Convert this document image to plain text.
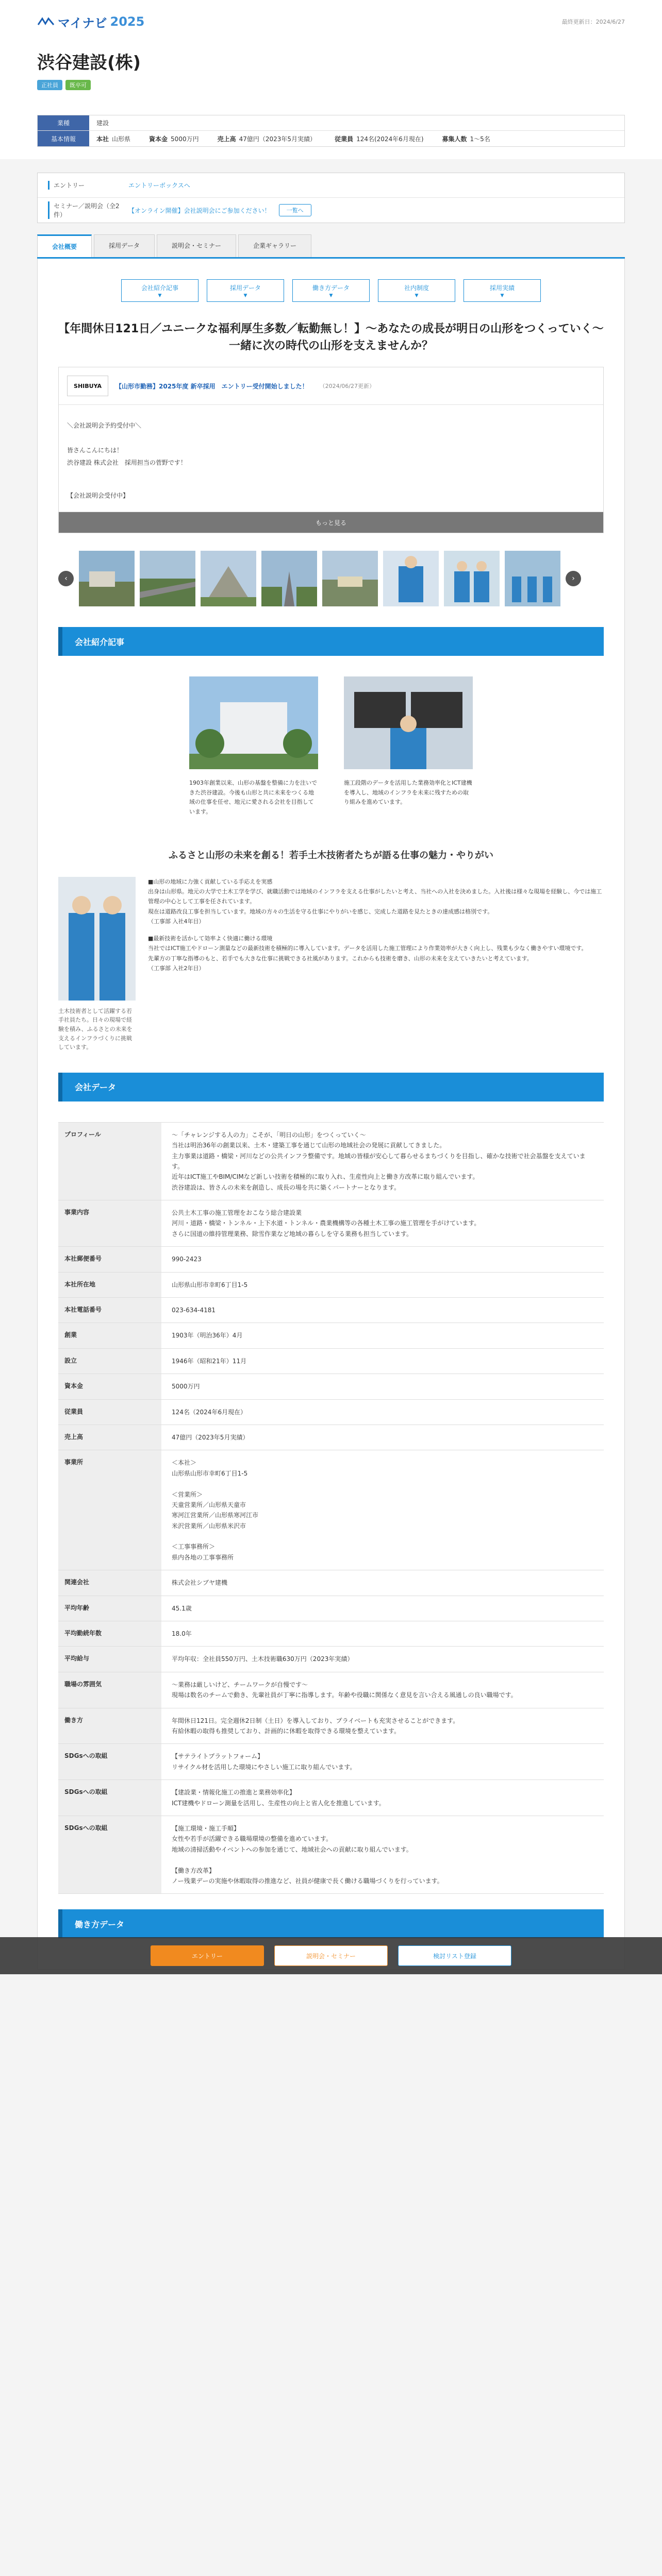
マイナビ 2025	最終更新日：2024/6/27
渋谷建設(株)
正社員	既卒可
業種	建設
基本情報	本社 山形県	資本金 5000万円	売上高 47億円（2023年5月実績）	従業員 124名(2024年6月現在)	募集人数 1〜5名
エントリー	エントリーボックスへ
セミナー／説明会（全2件）
【オンライン開催】会社説明会にご参加ください！	一覧へ
会社概要	採用データ	説明会・セミナー	企業ギャラリー
会社紹介記事
▼
採用データ
▼
働き方データ
▼
社内制度
▼
採用実績
▼
【年間休日121日／ユニークな福利厚生多数／転勤無し！】〜あなたの成長が明日の山形をつくっていく〜 一緒に次の時代の山形を支えませんか？
SHIBUYA	【山形市勤務】2025年度 新卒採用　エントリー受付開始しました！ （2024/06/27更新）
＼会社説明会予約受付中＼

皆さんこんにちは！
渋谷建設 株式会社　採用担当の菅野です！
【会社説明会受付中】
もっと見る
‹	›
会社紹介記事

1903年創業以来、山形の基盤を整備に力を注いできた渋谷建設。今後も山形と共に未来をつくる地域の仕事を任せ、地元に愛される会社を目指しています。

施工段階のデータを活用した業務効率化とICT建機を導入し、地域のインフラを未来に残すための取り組みを進めています。

ふるさと山形の未来を創る！若手土木技術者たちが語る仕事の魅力・やりがい

土木技術者として活躍する若手社員たち。日々の現場で経験を積み、ふるさとの未来を支えるインフラづくりに挑戦しています。

■山形の地域に力強く貢献している手応えを実感
出身は山形県。地元の大学で土木工学を学び、就職活動では地域のインフラを支える仕事がしたいと考え、当社への入社を決めました。入社後は様々な現場を経験し、今では施工管理の中心として工事を任されています。
現在は道路改良工事を担当しています。地域の方々の生活を守る仕事にやりがいを感じ、完成した道路を見たときの達成感は格別です。
（工事部 入社4年目）
■最新技術を活かして効率よく快適に働ける環境
当社ではICT施工やドローン測量などの最新技術を積極的に導入しています。データを活用した施工管理により作業効率が大きく向上し、残業も少なく働きやすい環境です。
先輩方の丁寧な指導のもと、若手でも大きな仕事に挑戦できる社風があります。これからも技術を磨き、山形の未来を支えていきたいと考えています。
（工事部 入社2年目）
会社データ
プロフィール	〜「チャレンジする人の力」こそが、「明日の山形」をつくっていく〜
当社は明治36年の創業以来、土木・建築工事を通じて山形の地域社会の発展に貢献してきました。
主力事業は道路・橋梁・河川などの公共インフラ整備です。地域の皆様が安心して暮らせるまちづくりを目指し、確かな技術で社会基盤を支えています。
近年はICT施工やBIM/CIMなど新しい技術を積極的に取り入れ、生産性向上と働き方改革に取り組んでいます。
渋谷建設は、皆さんの未来を創造し、成長の場を共に築くパートナーとなります。
事業内容	公共土木工事の施工管理をおこなう総合建設業
河川・道路・橋梁・トンネル・上下水道・トンネル・農業機構等の各種土木工事の施工管理を手がけています。
さらに国道の維持管理業務、除雪作業など地域の暮らしを守る業務も担当しています。
本社郵便番号	990-2423
本社所在地	山形県山形市幸町6丁目1-5
本社電話番号	023-634-4181
創業	1903年（明治36年）4月
設立	1946年（昭和21年）11月
資本金	5000万円
従業員	124名（2024年6月現在）
売上高	47億円（2023年5月実績）
事業所	＜本社＞
山形県山形市幸町6丁目1-5

＜営業所＞
天童営業所／山形県天童市
寒河江営業所／山形県寒河江市
米沢営業所／山形県米沢市

＜工事事務所＞
県内各地の工事事務所
関連会社	株式会社シブヤ建機
平均年齢	45.1歳
平均勤続年数	18.0年
平均給与	平均年収：全社員550万円、土木技術職630万円（2023年実績）
職場の雰囲気	〜業務は厳しいけど、チームワークが自慢です〜
現場は数名のチームで動き、先輩社員が丁寧に指導します。年齢や役職に関係なく意見を言い合える風通しの良い職場です。
働き方	年間休日121日。完全週休2日制（土日）を導入しており、プライベートも充実させることができます。
有給休暇の取得も推奨しており、計画的に休暇を取得できる環境を整えています。
SDGsへの取組	【サテライトプラットフォーム】
リサイクル材を活用した環境にやさしい施工に取り組んでいます。
SDGsへの取組	【建設業・情報化施工の推進と業務効率化】
ICT建機やドローン測量を活用し、生産性の向上と省人化を推進しています。
SDGsへの取組	【施工環境・施工手順】
女性や若手が活躍できる職場環境の整備を進めています。
地域の清掃活動やイベントへの参加を通じて、地域社会への貢献に取り組んでいます。

【働き方改革】
ノー残業デーの実施や休暇取得の推進など、社員が健康で長く働ける職場づくりを行っています。
働き方データ
エントリー	説明会・セミナー	検討リスト登録
